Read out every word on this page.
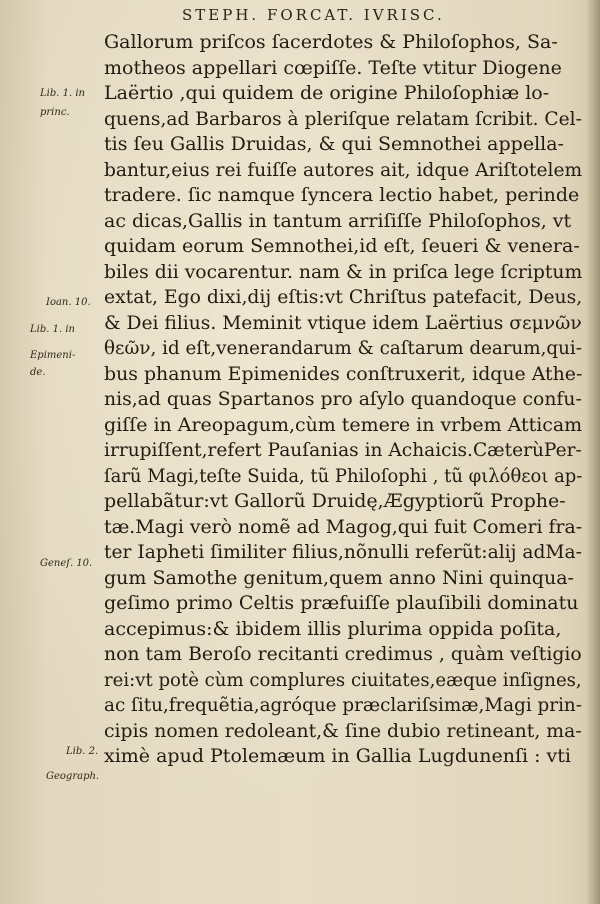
STEPH. FORCAT. IVRISC.
Lib. 1. in
princ.
Ioan. 10.
Lib. 1. in
Epimeni-
de.
Geneſ. 10.
Lib. 2.
Geograph.
Gallorum priſcos ſacerdotes & Philoſophos, Sa-
motheos appellari cœpiſſe. Teſte vtitur Diogene
Laërtio ,qui quidem de origine Philoſophiæ lo-
quens,ad Barbaros à pleriſque relatam ſcribit. Cel-
tis ſeu Gallis Druidas, & qui Semnothei appella-
bantur,eius rei fuiſſe autores ait, idque Ariſtotelem
tradere. ſic namque ſyncera lectio habet, perinde
ac dicas,Gallis in tantum arriſiſſe Philoſophos, vt
quidam eorum Semnothei,id eſt, ſeueri & venera-
biles dii vocarentur. nam & in priſca lege ſcriptum
extat, Ego dixi,dij eſtis:vt Chriſtus patefacit, Deus,
& Dei filius. Meminit vtique idem Laërtius σεμνῶν
θεῶν, id eſt,venerandarum & caſtarum dearum,qui-
bus phanum Epimenides conſtruxerit, idque Athe-
nis,ad quas Spartanos pro aſylo quandoque confu-
giſſe in Areopagum,cùm temere in vrbem Atticam
irrupiſſent,refert Pauſanias in Achaicis.CæterùPer-
ſarũ Magi,teſte Suida, tũ Philoſophi , tũ φιλόθεοι ap-
pellabãtur:vt Gallorũ Druidę,Ægyptiorũ Prophe-
tæ.Magi verò nomẽ ad Magog,qui fuit Comeri fra-
ter Iapheti ſimiliter filius,nõnulli referũt:alij adMa-
gum Samothe genitum,quem anno Nini quinqua-
geſimo primo Celtis præfuiſſe plauſibili dominatu
accepimus:& ibidem illis plurima oppida poſita,
non tam Beroſo recitanti credimus , quàm veſtigio
rei:vt potè cùm complures ciuitates,eæque inſignes,
ac ſitu,frequẽtia,agróque præclariſsimæ,Magi prin-
cipis nomen redoleant,& ſine dubio retineant, ma-
ximè apud Ptolemæum in Gallia Lugdunenſi : vti
